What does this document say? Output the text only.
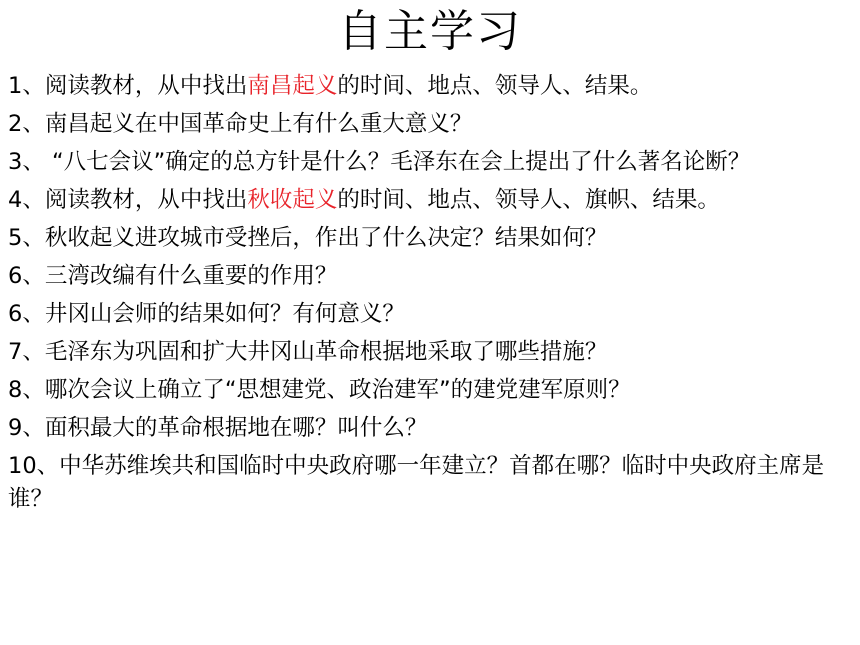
自主学习
1、阅读教材，从中找出南昌起义的时间、地点、领导人、结果。
2、南昌起义在中国革命史上有什么重大意义？
3、 “八七会议”确定的总方针是什么？毛泽东在会上提出了什么著名论断？
4、阅读教材，从中找出秋收起义的时间、地点、领导人、旗帜、结果。
5、秋收起义进攻城市受挫后，作出了什么决定？结果如何？
6、三湾改编有什么重要的作用？
6、井冈山会师的结果如何？有何意义？
7、毛泽东为巩固和扩大井冈山革命根据地采取了哪些措施？
8、哪次会议上确立了“思想建党、政治建军”的建党建军原则？
9、面积最大的革命根据地在哪？叫什么？
10、中华苏维埃共和国临时中央政府哪一年建立？首都在哪？临时中央政府主席是谁？
